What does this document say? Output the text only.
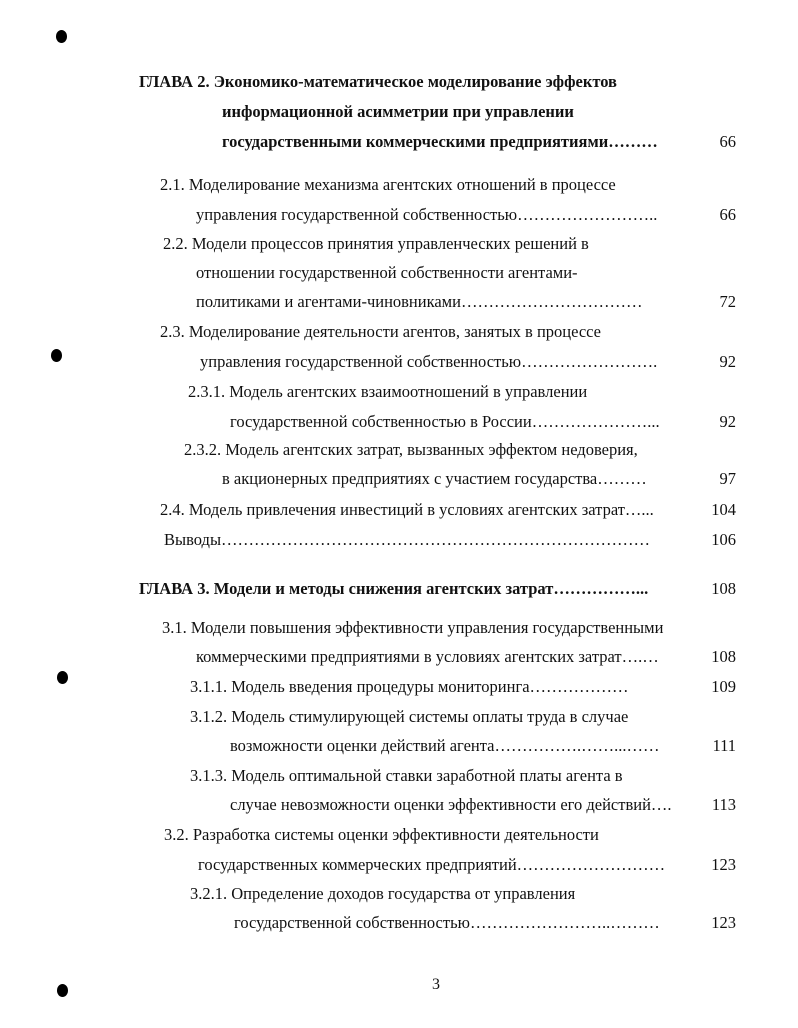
ГЛАВА 2. Экономико-математическое моделирование эффектов
информационной асимметрии при управлении
государственными коммерческими предприятиями………	66
2.1. Моделирование механизма агентских отношений в процессе
управления государственной собственностью……………………..	66
2.2. Модели процессов принятия управленческих решений в
отношении государственной собственности агентами-
политиками и агентами-чиновниками……………………………	72
2.3. Моделирование деятельности агентов, занятых в процессе
управления государственной собственностью…………………….	92
2.3.1. Модель агентских взаимоотношений в управлении
государственной собственностью в России…………………...	92
2.3.2. Модель агентских затрат, вызванных эффектом недоверия,
в акционерных предприятиях с участием государства………	97
2.4. Модель привлечения инвестиций в условиях агентских затрат…...	104
Выводы……………………………………………………………………	106
ГЛАВА 3. Модели и методы снижения агентских затрат……………...	108
3.1. Модели повышения эффективности управления государственными
коммерческими предприятиями в условиях агентских затрат….…	108
3.1.1. Модель введения процедуры мониторинга………………	109
3.1.2. Модель стимулирующей системы оплаты труда в случае
возможности оценки действий агента…………….……...……	111
3.1.3. Модель оптимальной ставки заработной платы агента в
случае невозможности оценки эффективности его действий….	113
3.2. Разработка системы оценки эффективности деятельности
государственных коммерческих предприятий………………………	123
3.2.1. Определение доходов государства от управления
государственной собственностью……………………..………	123
3
